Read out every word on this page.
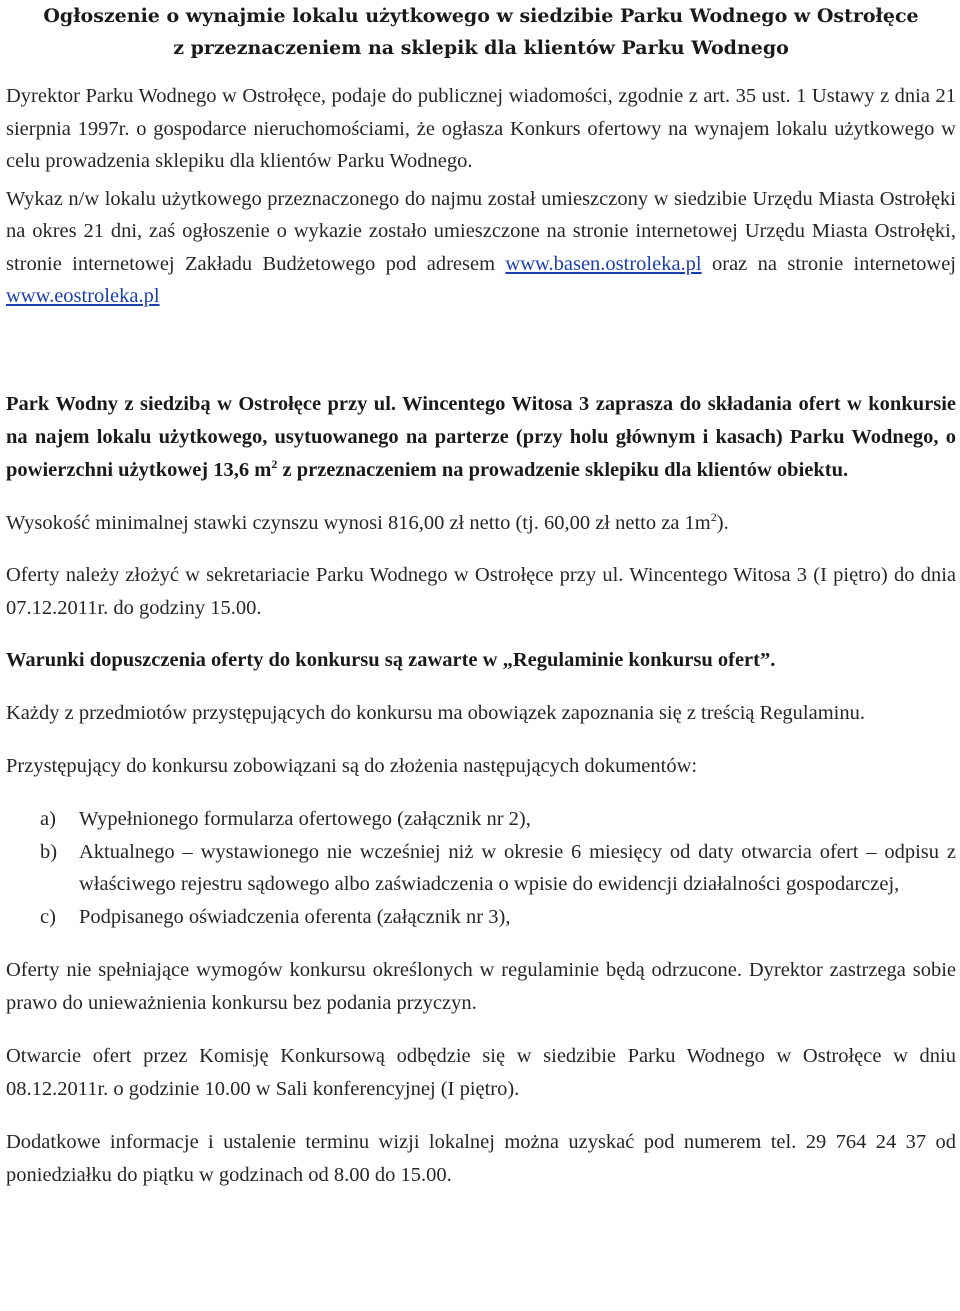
Ogłoszenie o wynajmie lokalu użytkowego w siedzibie Parku Wodnego w Ostrołęce

z przeznaczeniem na sklepik dla klientów Parku Wodnego

Dyrektor Parku Wodnego w Ostrołęce, podaje do publicznej wiadomości, zgodnie z art. 35 ust. 1 Ustawy z dnia 21 sierpnia 1997r. o gospodarce nieruchomościami, że ogłasza Konkurs ofertowy na wynajem lokalu użytkowego w celu prowadzenia sklepiku dla klientów Parku Wodnego.

Wykaz n/w lokalu użytkowego przeznaczonego do najmu został umieszczony w siedzibie Urzędu Miasta Ostrołęki na okres 21 dni, zaś ogłoszenie o wykazie zostało umieszczone na stronie internetowej Urzędu Miasta Ostrołęki, stronie internetowej Zakładu Budżetowego pod adresem www.basen.ostroleka.pl oraz na stronie internetowej www.eostroleka.pl

Park Wodny z siedzibą w Ostrołęce przy ul. Wincentego Witosa 3 zaprasza do składania ofert w konkursie na najem lokalu użytkowego, usytuowanego na parterze (przy holu głównym i kasach) Parku Wodnego, o powierzchni użytkowej 13,6 $m^2$ z przeznaczeniem na prowadzenie sklepiku dla klientów obiektu.

Wysokość minimalnej stawki czynszu wynosi 816,00 zł netto (tj. 60,00 zł netto za $1m^2$).

Oferty należy złożyć w sekretariacie Parku Wodnego w Ostrołęce przy ul. Wincentego Witosa 3 (I piętro) do dnia 07.12.2011r. do godziny 15.00.

Warunki dopuszczenia oferty do konkursu są zawarte w „Regulaminie konkursu ofert”.

Każdy z przedmiotów przystępujących do konkursu ma obowiązek zapoznania się z treścią Regulaminu.

Przystępujący do konkursu zobowiązani są do złożenia następujących dokumentów:

a) Wypełnionego formularza ofertowego (załącznik nr 2),
b) Aktualnego – wystawionego nie wcześniej niż w okresie 6 miesięcy od daty otwarcia ofert – odpisu z właściwego rejestru sądowego albo zaświadczenia o wpisie do ewidencji działalności gospodarczej,
c) Podpisanego oświadczenia oferenta (załącznik nr 3),

Oferty nie spełniające wymogów konkursu określonych w regulaminie będą odrzucone. Dyrektor zastrzega sobie prawo do unieważnienia konkursu bez podania przyczyn.

Otwarcie ofert przez Komisję Konkursową odbędzie się w siedzibie Parku Wodnego w Ostrołęce w dniu 08.12.2011r. o godzinie 10.00 w Sali konferencyjnej (I piętro).

Dodatkowe informacje i ustalenie terminu wizji lokalnej można uzyskać pod numerem tel. 29 764 24 37 od poniedziałku do piątku w godzinach od 8.00 do 15.00.
